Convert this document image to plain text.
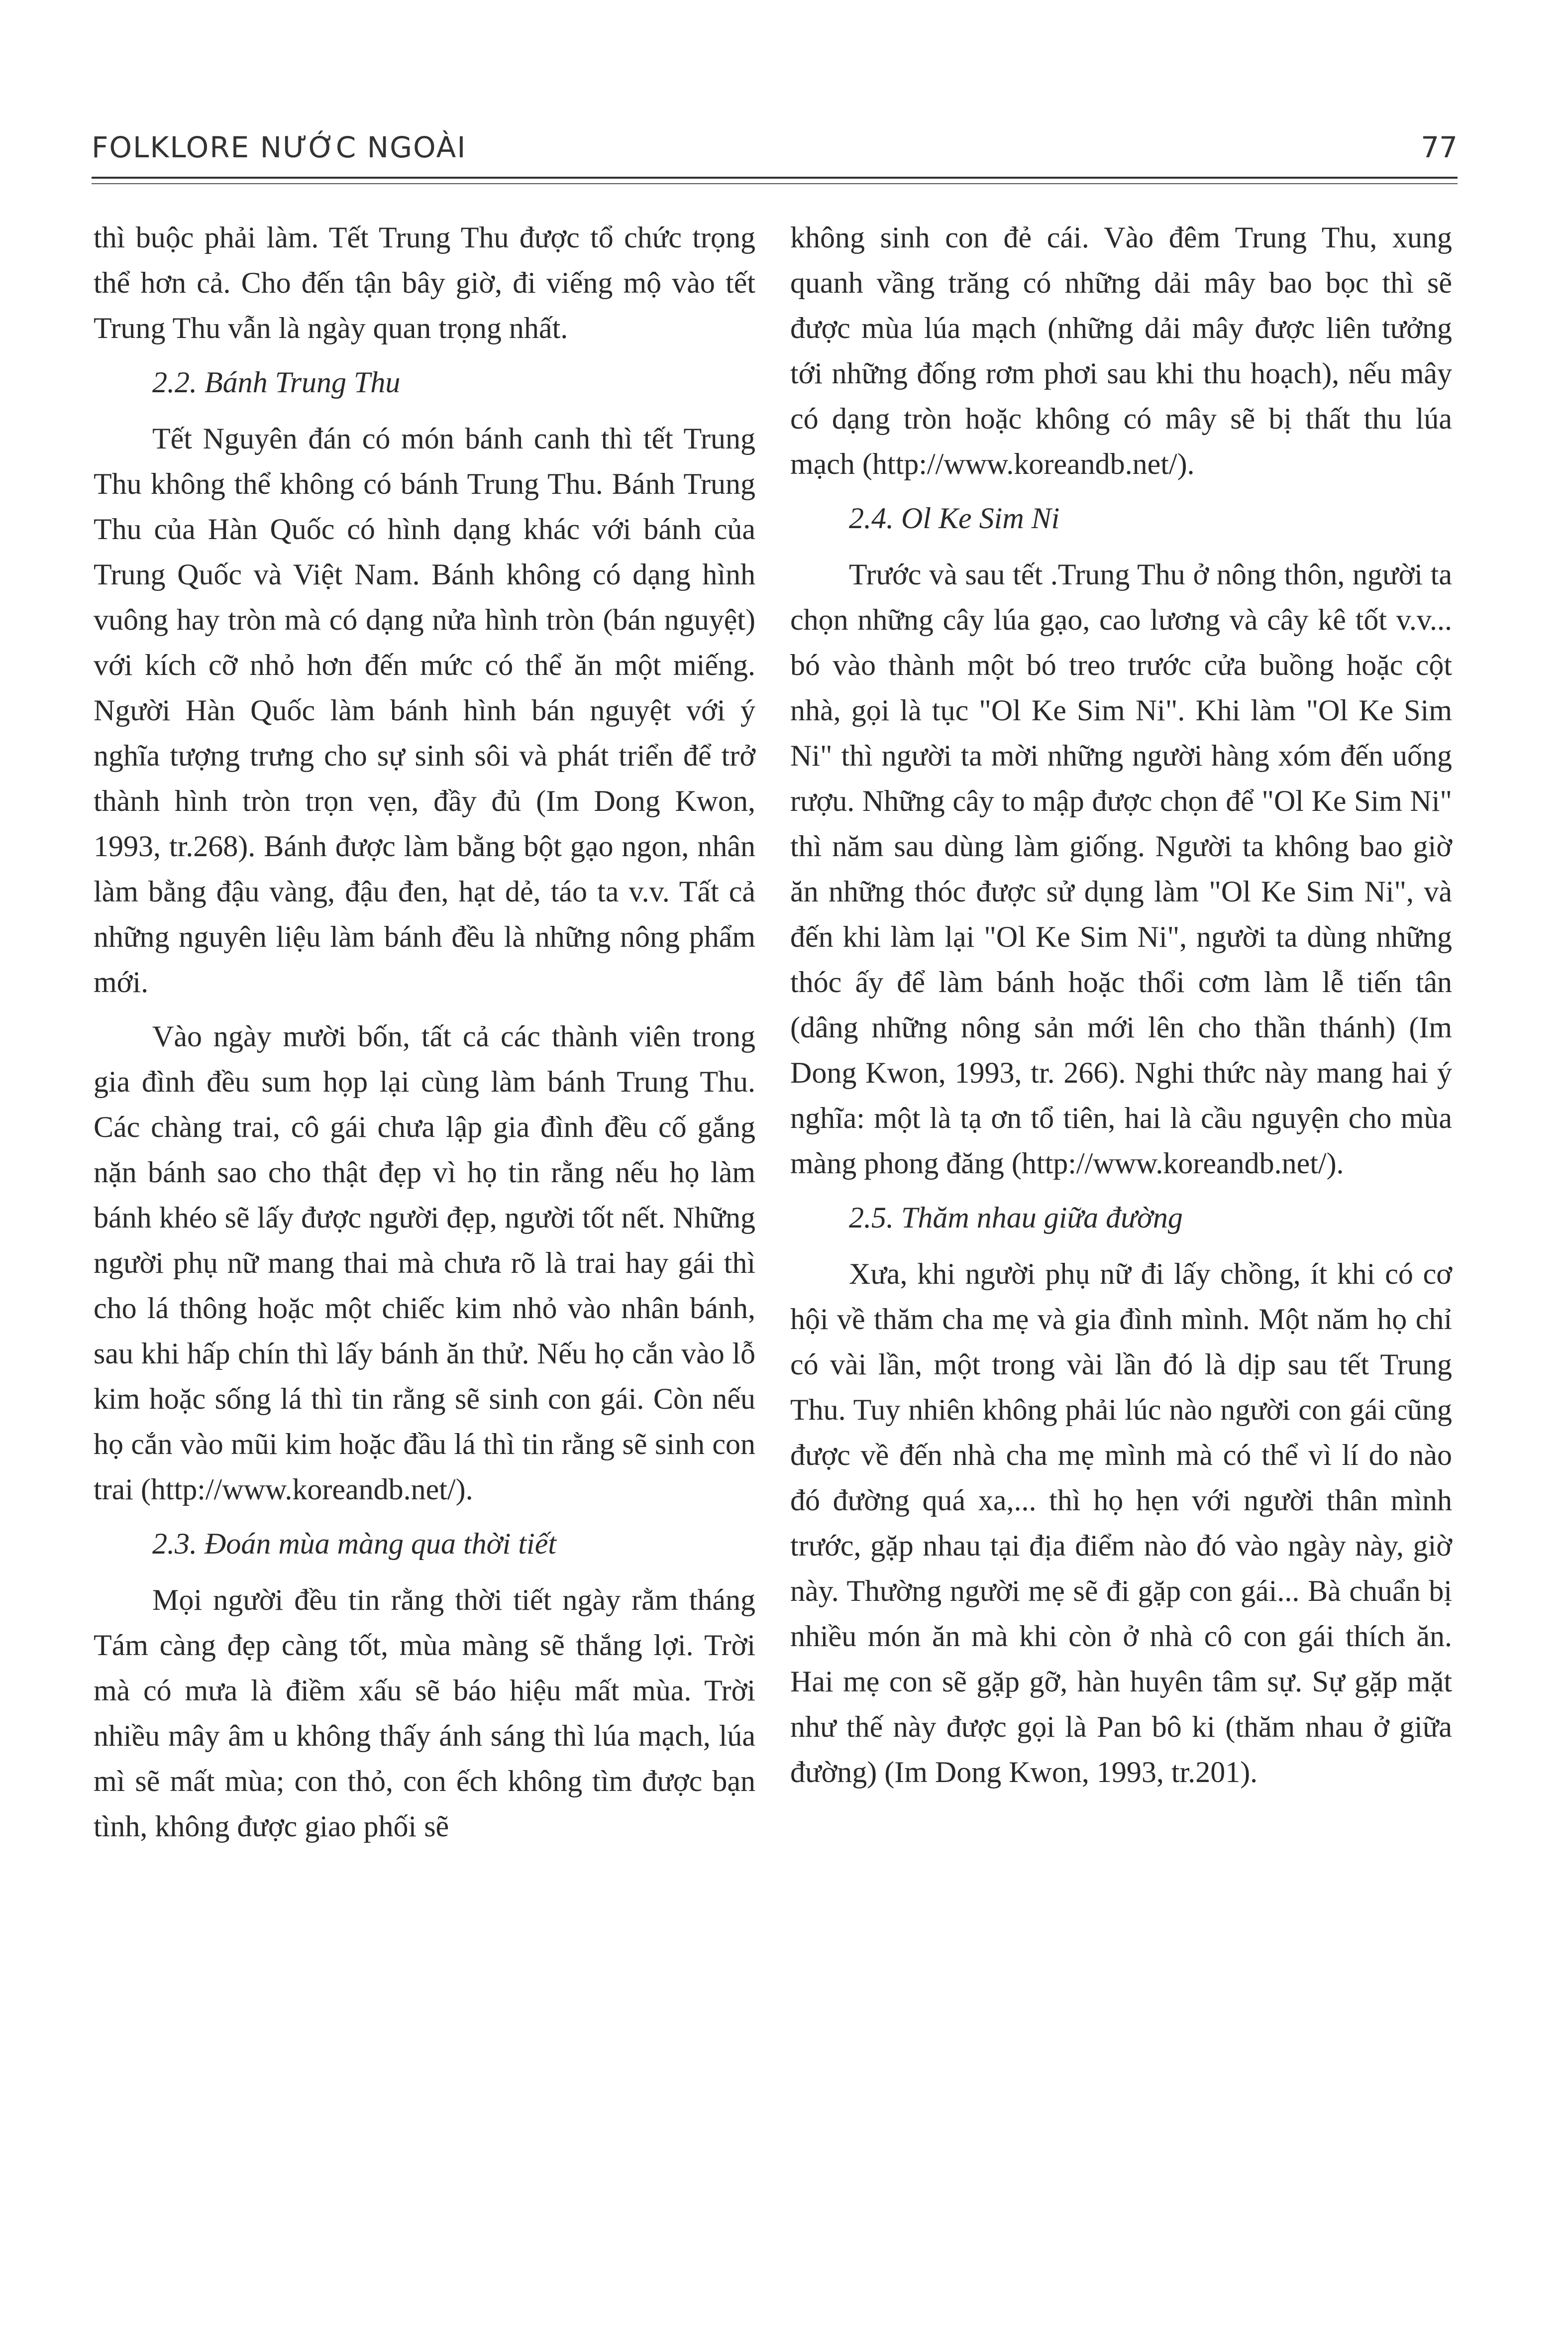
FOLKLORE NƯỚC NGOÀI	77

thì buộc phải làm. Tết Trung Thu được tổ chức trọng thể hơn cả. Cho đến tận bây giờ, đi viếng mộ vào tết Trung Thu vẫn là ngày quan trọng nhất.

2.2. Bánh Trung Thu

Tết Nguyên đán có món bánh canh thì tết Trung Thu không thể không có bánh Trung Thu. Bánh Trung Thu của Hàn Quốc có hình dạng khác với bánh của Trung Quốc và Việt Nam. Bánh không có dạng hình vuông hay tròn mà có dạng nửa hình tròn (bán nguyệt) với kích cỡ nhỏ hơn đến mức có thể ăn một miếng. Người Hàn Quốc làm bánh hình bán nguyệt với ý nghĩa tượng trưng cho sự sinh sôi và phát triển để trở thành hình tròn trọn vẹn, đầy đủ (Im Dong Kwon, 1993, tr.268). Bánh được làm bằng bột gạo ngon, nhân làm bằng đậu vàng, đậu đen, hạt dẻ, táo ta v.v. Tất cả những nguyên liệu làm bánh đều là những nông phẩm mới.

Vào ngày mười bốn, tất cả các thành viên trong gia đình đều sum họp lại cùng làm bánh Trung Thu. Các chàng trai, cô gái chưa lập gia đình đều cố gắng nặn bánh sao cho thật đẹp vì họ tin rằng nếu họ làm bánh khéo sẽ lấy được người đẹp, người tốt nết. Những người phụ nữ mang thai mà chưa rõ là trai hay gái thì cho lá thông hoặc một chiếc kim nhỏ vào nhân bánh, sau khi hấp chín thì lấy bánh ăn thử. Nếu họ cắn vào lỗ kim hoặc sống lá thì tin rằng sẽ sinh con gái. Còn nếu họ cắn vào mũi kim hoặc đầu lá thì tin rằng sẽ sinh con trai (http://www.koreandb.net/).

2.3. Đoán mùa màng qua thời tiết

Mọi người đều tin rằng thời tiết ngày rằm tháng Tám càng đẹp càng tốt, mùa màng sẽ thắng lợi. Trời mà có mưa là điềm xấu sẽ báo hiệu mất mùa. Trời nhiều mây âm u không thấy ánh sáng thì lúa mạch, lúa mì sẽ mất mùa; con thỏ, con ếch không tìm được bạn tình, không được giao phối sẽ

không sinh con đẻ cái. Vào đêm Trung Thu, xung quanh vầng trăng có những dải mây bao bọc thì sẽ được mùa lúa mạch (những dải mây được liên tưởng tới những đống rơm phơi sau khi thu hoạch), nếu mây có dạng tròn hoặc không có mây sẽ bị thất thu lúa mạch (http://www.koreandb.net/).

2.4. Ol Ke Sim Ni

Trước và sau tết .Trung Thu ở nông thôn, người ta chọn những cây lúa gạo, cao lương và cây kê tốt v.v... bó vào thành một bó treo trước cửa buồng hoặc cột nhà, gọi là tục "Ol Ke Sim Ni". Khi làm "Ol Ke Sim Ni" thì người ta mời những người hàng xóm đến uống rượu. Những cây to mập được chọn để "Ol Ke Sim Ni" thì năm sau dùng làm giống. Người ta không bao giờ ăn những thóc được sử dụng làm "Ol Ke Sim Ni", và đến khi làm lại "Ol Ke Sim Ni", người ta dùng những thóc ấy để làm bánh hoặc thổi cơm làm lễ tiến tân (dâng những nông sản mới lên cho thần thánh) (Im Dong Kwon, 1993, tr. 266). Nghi thức này mang hai ý nghĩa: một là tạ ơn tổ tiên, hai là cầu nguyện cho mùa màng phong đăng (http://www.koreandb.net/).

2.5. Thăm nhau giữa đường

Xưa, khi người phụ nữ đi lấy chồng, ít khi có cơ hội về thăm cha mẹ và gia đình mình. Một năm họ chỉ có vài lần, một trong vài lần đó là dịp sau tết Trung Thu. Tuy nhiên không phải lúc nào người con gái cũng được về đến nhà cha mẹ mình mà có thể vì lí do nào đó đường quá xa,... thì họ hẹn với người thân mình trước, gặp nhau tại địa điểm nào đó vào ngày này, giờ này. Thường người mẹ sẽ đi gặp con gái... Bà chuẩn bị nhiều món ăn mà khi còn ở nhà cô con gái thích ăn. Hai mẹ con sẽ gặp gỡ, hàn huyên tâm sự. Sự gặp mặt như thế này được gọi là Pan bô ki (thăm nhau ở giữa đường) (Im Dong Kwon, 1993, tr.201).
